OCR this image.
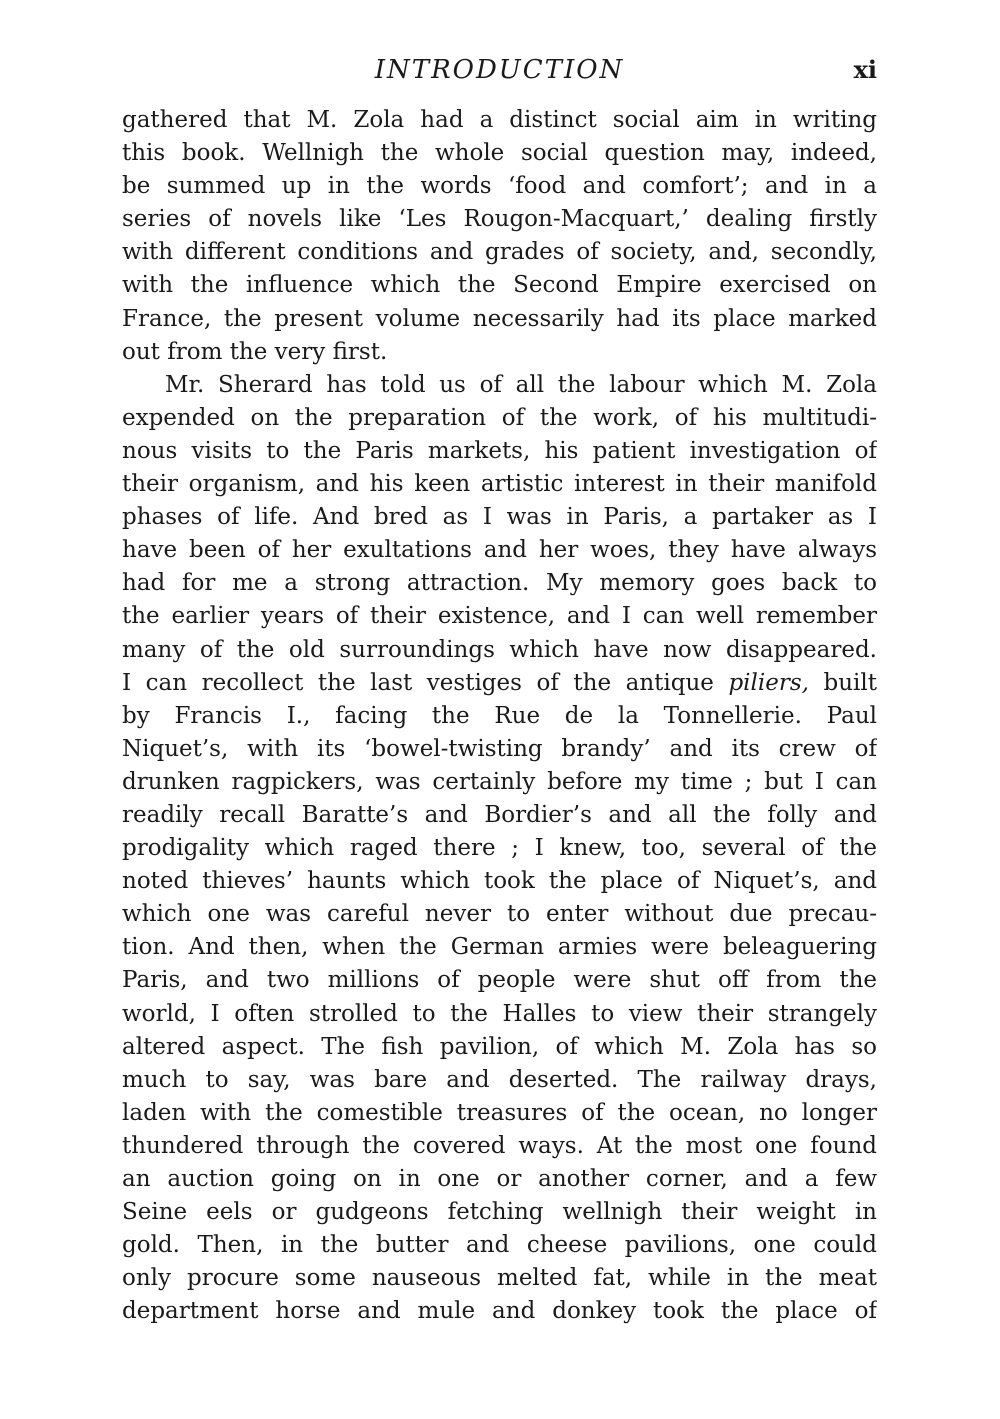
INTRODUCTION	xi
gathered that M. Zola had a distinct social aim in writing
this book. Wellnigh the whole social question may, indeed,
be summed up in the words ‘food and comfort’; and in a
series of novels like ‘Les Rougon-Macquart,’ dealing firstly
with different conditions and grades of society, and, secondly,
with the influence which the Second Empire exercised on
France, the present volume necessarily had its place marked
out from the very first.
Mr. Sherard has told us of all the labour which M. Zola
expended on the preparation of the work, of his multitudi-
nous visits to the Paris markets, his patient investigation of
their organism, and his keen artistic interest in their manifold
phases of life. And bred as I was in Paris, a partaker as I
have been of her exultations and her woes, they have always
had for me a strong attraction. My memory goes back to
the earlier years of their existence, and I can well remember
many of the old surroundings which have now disappeared.
I can recollect the last vestiges of the antique piliers, built
by Francis I., facing the Rue de la Tonnellerie. Paul
Niquet’s, with its ‘bowel-twisting brandy’ and its crew of
drunken ragpickers, was certainly before my time ; but I can
readily recall Baratte’s and Bordier’s and all the folly and
prodigality which raged there ; I knew, too, several of the
noted thieves’ haunts which took the place of Niquet’s, and
which one was careful never to enter without due precau-
tion. And then, when the German armies were beleaguering
Paris, and two millions of people were shut off from the
world, I often strolled to the Halles to view their strangely
altered aspect. The fish pavilion, of which M. Zola has so
much to say, was bare and deserted. The railway drays,
laden with the comestible treasures of the ocean, no longer
thundered through the covered ways. At the most one found
an auction going on in one or another corner, and a few
Seine eels or gudgeons fetching wellnigh their weight in
gold. Then, in the butter and cheese pavilions, one could
only procure some nauseous melted fat, while in the meat
department horse and mule and donkey took the place of
